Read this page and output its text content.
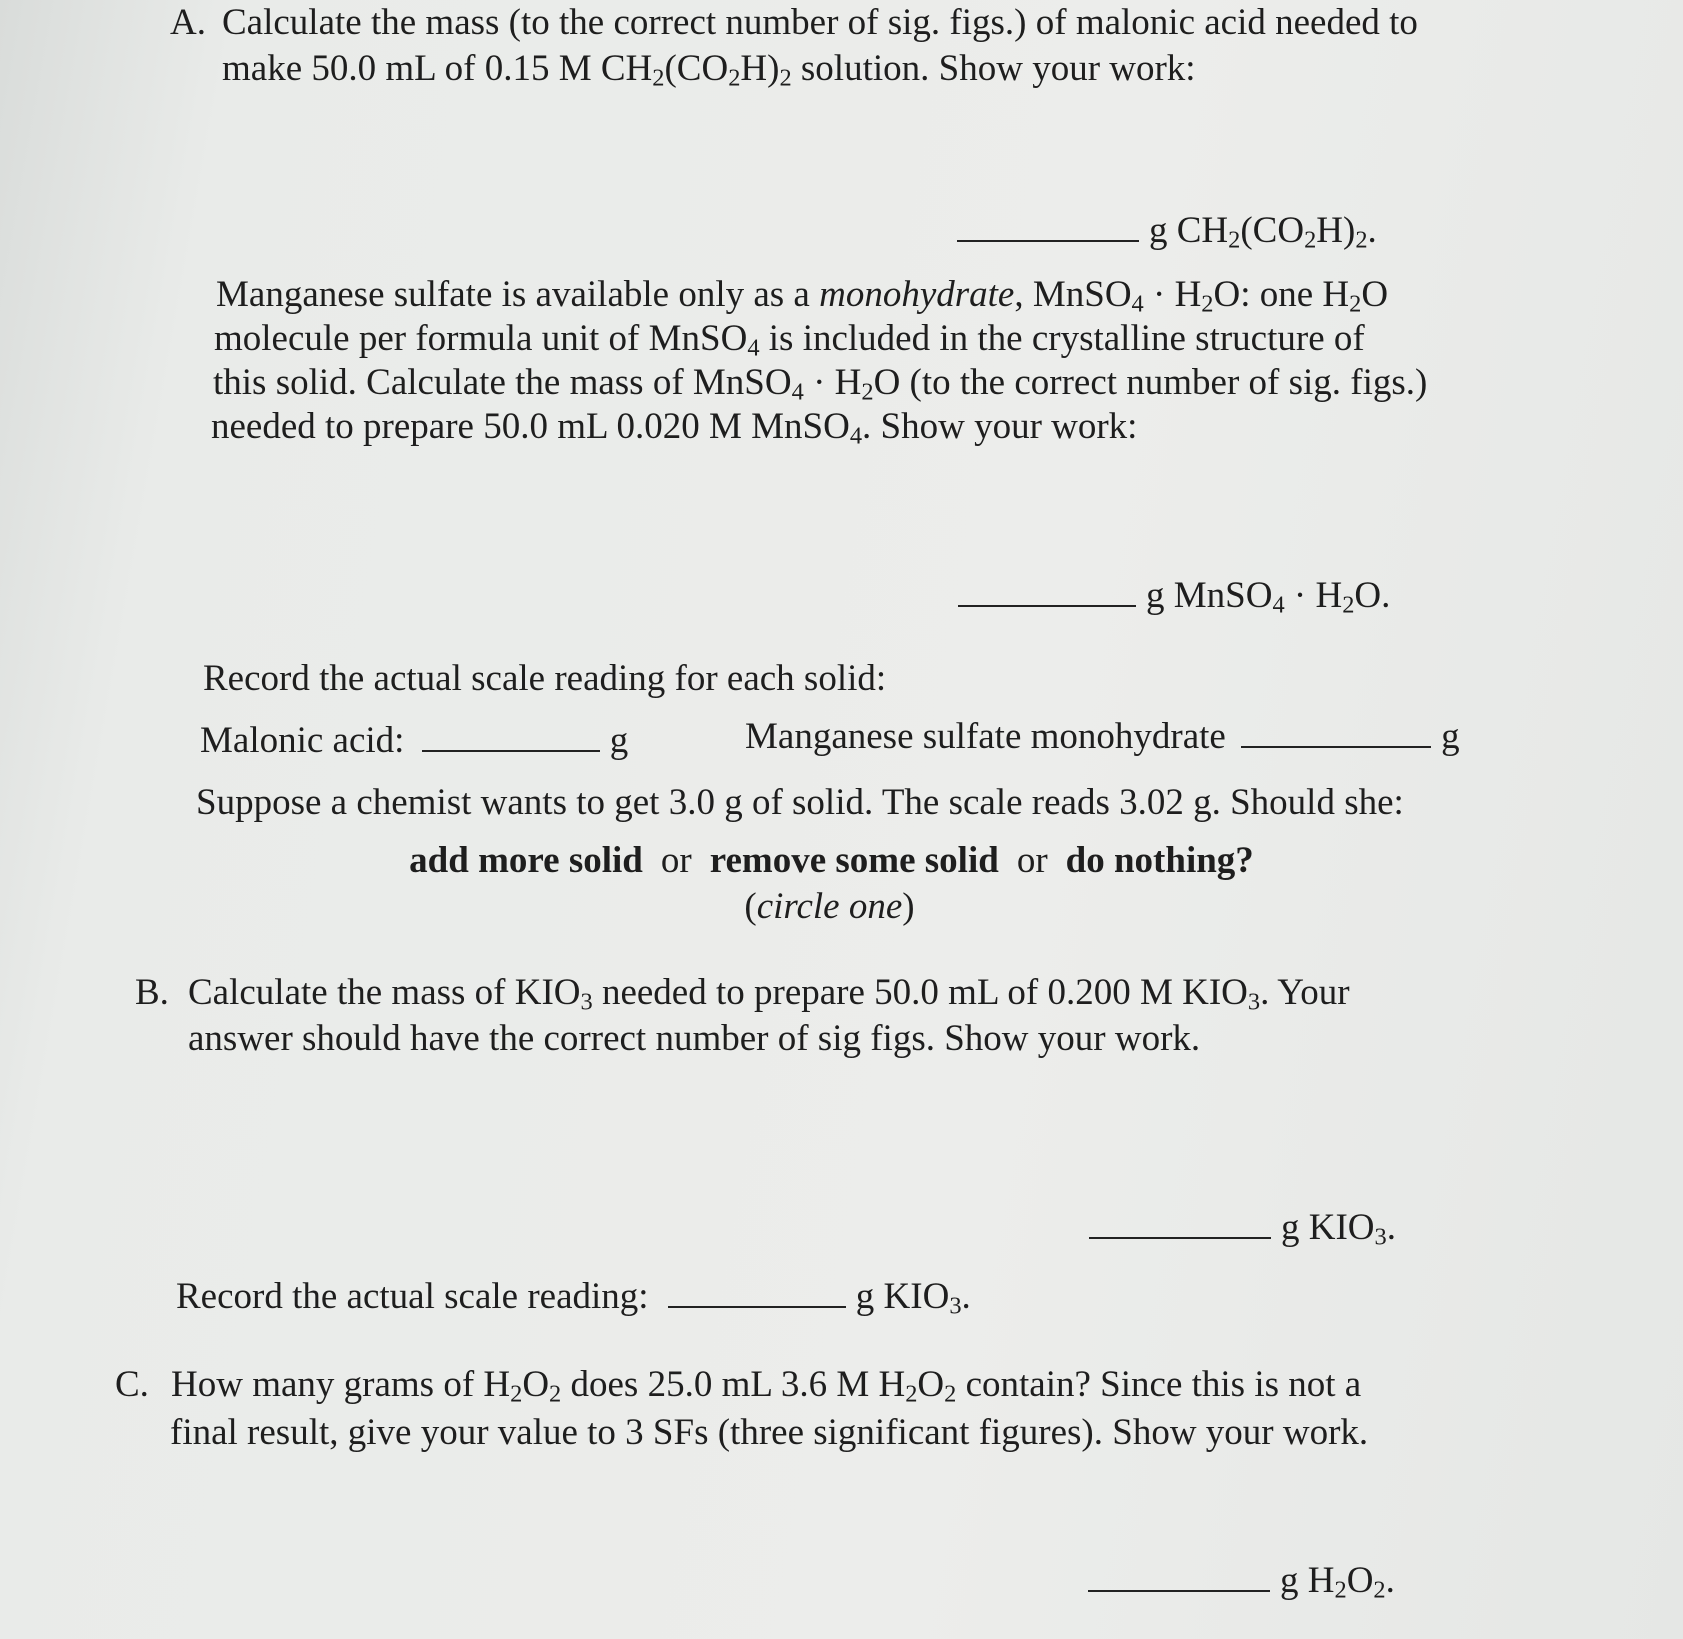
A. Calculate the mass (to the correct number of sig. figs.) of malonic acid needed to
make 50.0 mL of 0.15 M $CH_2(CO_2H)_2$ solution. Show your work:
g $CH_2(CO_2H)_2$.
Manganese sulfate is available only as a monohydrate, MnSO$_4$ · $H_2O$: one $H_2O$
molecule per formula unit of MnSO$_4$ is included in the crystalline structure of
this solid. Calculate the mass of MnSO$_4$ · $H_2O$ (to the correct number of sig. figs.)
needed to prepare 50.0 mL 0.020 M MnSO$_4$. Show your work:
g MnSO$_4$ · $H_2O$.
Record the actual scale reading for each solid:
Malonic acid:	g	Manganese sulfate monohydrate	g
Suppose a chemist wants to get 3.0 g of solid. The scale reads 3.02 g. Should she:
add more solid or remove some solid or do nothing?
(circle one)
B. Calculate the mass of $KIO_3$ needed to prepare 50.0 mL of 0.200 M $KIO_3$. Your
answer should have the correct number of sig figs. Show your work.
g $KIO_3$.
Record the actual scale reading:	g $KIO_3$.
C. How many grams of $H_2O_2$ does 25.0 mL 3.6 M $H_2O_2$ contain? Since this is not a
final result, give your value to 3 SFs (three significant figures). Show your work.
g $H_2O_2$.
